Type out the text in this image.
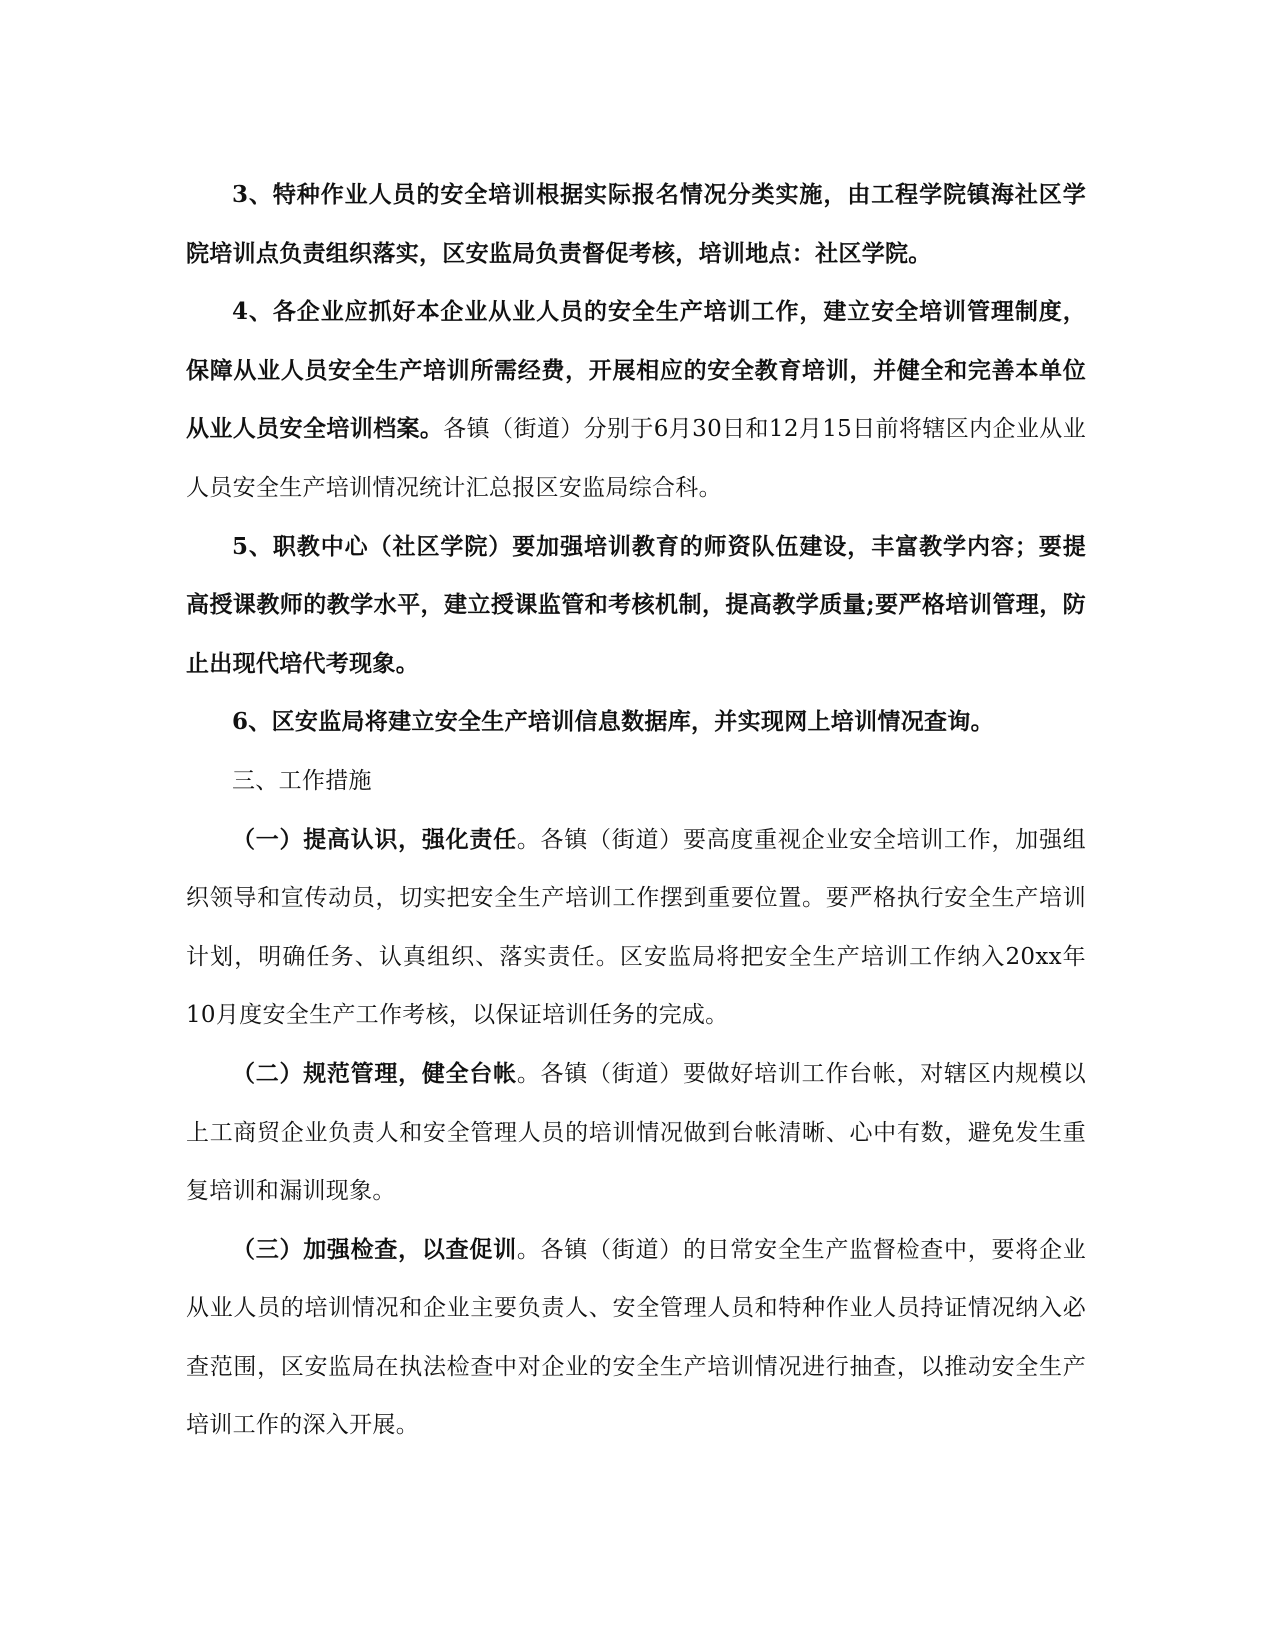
3、特种作业人员的安全培训根据实际报名情况分类实施，由工程学院镇海社区学院培训点负责组织落实，区安监局负责督促考核，培训地点：社区学院。

4、各企业应抓好本企业从业人员的安全生产培训工作，建立安全培训管理制度，保障从业人员安全生产培训所需经费，开展相应的安全教育培训，并健全和完善本单位从业人员安全培训档案。各镇（街道）分别于6月30日和12月15日前将辖区内企业从业人员安全生产培训情况统计汇总报区安监局综合科。

5、职教中心（社区学院）要加强培训教育的师资队伍建设，丰富教学内容；要提高授课教师的教学水平，建立授课监管和考核机制，提高教学质量;要严格培训管理，防止出现代培代考现象。

6、区安监局将建立安全生产培训信息数据库，并实现网上培训情况查询。

三、工作措施

（一）提高认识，强化责任。各镇（街道）要高度重视企业安全培训工作，加强组织领导和宣传动员，切实把安全生产培训工作摆到重要位置。要严格执行安全生产培训计划，明确任务、认真组织、落实责任。区安监局将把安全生产培训工作纳入20xx年10月度安全生产工作考核，以保证培训任务的完成。

（二）规范管理，健全台帐。各镇（街道）要做好培训工作台帐，对辖区内规模以上工商贸企业负责人和安全管理人员的培训情况做到台帐清晰、心中有数，避免发生重复培训和漏训现象。

（三）加强检查，以查促训。各镇（街道）的日常安全生产监督检查中，要将企业从业人员的培训情况和企业主要负责人、安全管理人员和特种作业人员持证情况纳入必查范围，区安监局在执法检查中对企业的安全生产培训情况进行抽查，以推动安全生产培训工作的深入开展。
